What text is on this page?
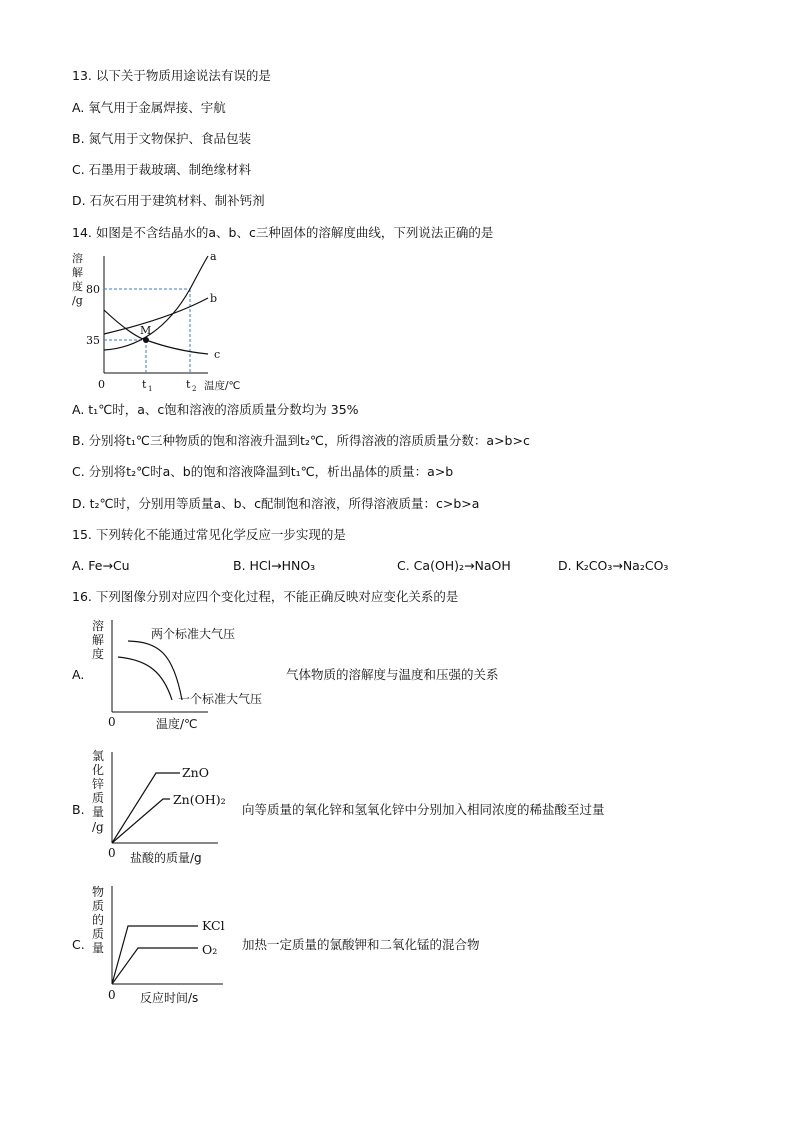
13. 以下关于物质用途说法有误的是
A. 氧气用于金属焊接、宇航
B. 氮气用于文物保护、食品包装
C. 石墨用于裁玻璃、制绝缘材料
D. 石灰石用于建筑材料、制补钙剂
14. 如图是不含结晶水的a、b、c三种固体的溶解度曲线，下列说法正确的是
溶
解
度
/g
a
b
c
M
80
35
0	t 1	t 2 温度/℃
A. t₁℃时，a、c饱和溶液的溶质质量分数均为 35%
B. 分别将t₁℃三种物质的饱和溶液升温到t₂℃，所得溶液的溶质质量分数：a>b>c
C. 分别将t₂℃时a、b的饱和溶液降温到t₁℃，析出晶体的质量：a>b
D. t₂℃时，分别用等质量a、b、c配制饱和溶液，所得溶液质量：c>b>a
15. 下列转化不能通过常见化学反应一步实现的是
A. Fe→Cu	B. HCl→HNO₃	C. Ca(OH)₂→NaOH	D. K₂CO₃→Na₂CO₃
16. 下列图像分别对应四个变化过程，不能正确反映对应变化关系的是
A.
溶
解
度
两个标准大气压
一个标准大气压
0	温度/℃
气体物质的溶解度与温度和压强的关系
B.
氯
化
锌
质
量
/g
ZnO
Zn(OH)₂
0 盐酸的质量/g
向等质量的氧化锌和氢氧化锌中分别加入相同浓度的稀盐酸至过量
C.
物
质
的
质
量
KCl
O₂
0 反应时间/s
加热一定质量的氯酸钾和二氧化锰的混合物
